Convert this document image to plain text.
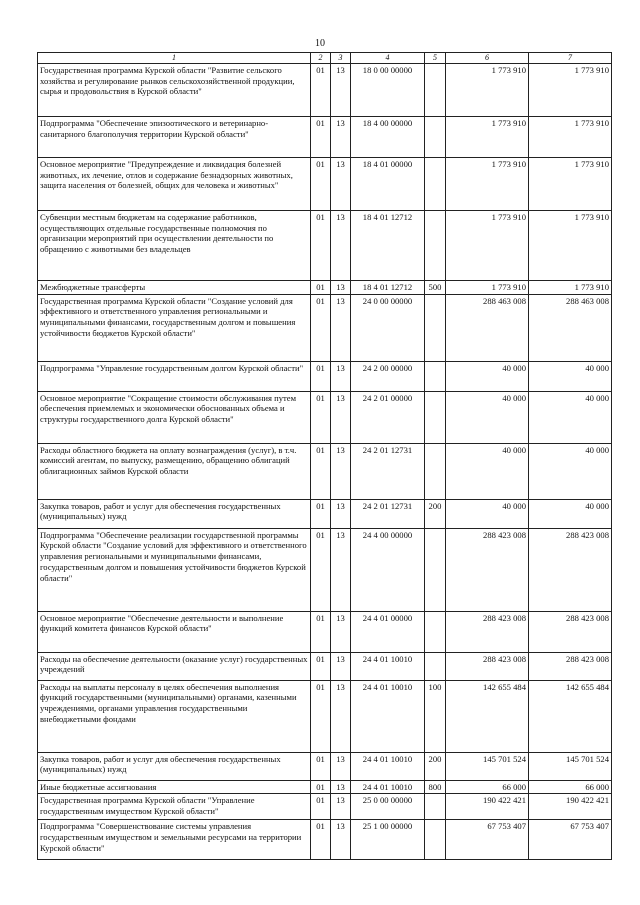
10
1	2	3	4	5	6	7
Государственная программа Курской области "Развитие сельского хозяйства и регулирование рынков сельскохозяйственной продукции, сырья и продовольствия в Курской области"	01	13	18 0 00 00000		1 773 910	1 773 910
Подпрограмма "Обеспечение эпизоотического и ветеринарно-санитарного благополучия территории Курской области"	01	13	18 4 00 00000		1 773 910	1 773 910
Основное мероприятие "Предупреждение и ликвидация болезней животных, их лечение, отлов и содержание безнадзорных животных, защита населения от болезней, общих для человека и животных"	01	13	18 4 01 00000		1 773 910	1 773 910
Субвенции местным бюджетам на содержание работников, осуществляющих отдельные государственные полномочия по организации мероприятий при осуществлении деятельности по обращению с животными без владельцев	01	13	18 4 01 12712		1 773 910	1 773 910
Межбюджетные трансферты	01	13	18 4 01 12712	500	1 773 910	1 773 910
Государственная программа Курской области "Создание условий для эффективного и ответственного управления региональными и муниципальными финансами, государственным долгом и повышения устойчивости бюджетов Курской области"	01	13	24 0 00 00000		288 463 008	288 463 008
Подпрограмма "Управление государственным долгом Курской области"	01	13	24 2 00 00000		40 000	40 000
Основное мероприятие "Сокращение стоимости обслуживания путем обеспечения приемлемых и экономически обоснованных объема и структуры государственного долга Курской области"	01	13	24 2 01 00000		40 000	40 000
Расходы областного бюджета на оплату вознаграждения (услуг), в т.ч. комиссий агентам, по выпуску, размещению, обращению облигаций облигационных займов Курской области	01	13	24 2 01 12731		40 000	40 000
Закупка товаров, работ и услуг для обеспечения государственных (муниципальных) нужд	01	13	24 2 01 12731	200	40 000	40 000
Подпрограмма "Обеспечение реализации государственной программы Курской области "Создание условий для эффективного и ответственного управления региональными и муниципальными финансами, государственным долгом и повышения устойчивости бюджетов Курской области"	01	13	24 4 00 00000		288 423 008	288 423 008
Основное мероприятие "Обеспечение деятельности и выполнение функций комитета финансов Курской области"	01	13	24 4 01 00000		288 423 008	288 423 008
Расходы на обеспечение деятельности (оказание услуг) государственных учреждений	01	13	24 4 01 10010		288 423 008	288 423 008
Расходы на выплаты персоналу в целях обеспечения выполнения функций государственными (муниципальными) органами, казенными учреждениями, органами управления государственными внебюджетными фондами	01	13	24 4 01 10010	100	142 655 484	142 655 484
Закупка товаров, работ и услуг для обеспечения государственных (муниципальных) нужд	01	13	24 4 01 10010	200	145 701 524	145 701 524
Иные бюджетные ассигнования	01	13	24 4 01 10010	800	66 000	66 000
Государственная программа Курской области "Управление государственным имуществом Курской области"	01	13	25 0 00 00000		190 422 421	190 422 421
Подпрограмма "Совершенствование системы управления государственным имуществом и земельными ресурсами на территории Курской области"	01	13	25 1 00 00000		67 753 407	67 753 407
